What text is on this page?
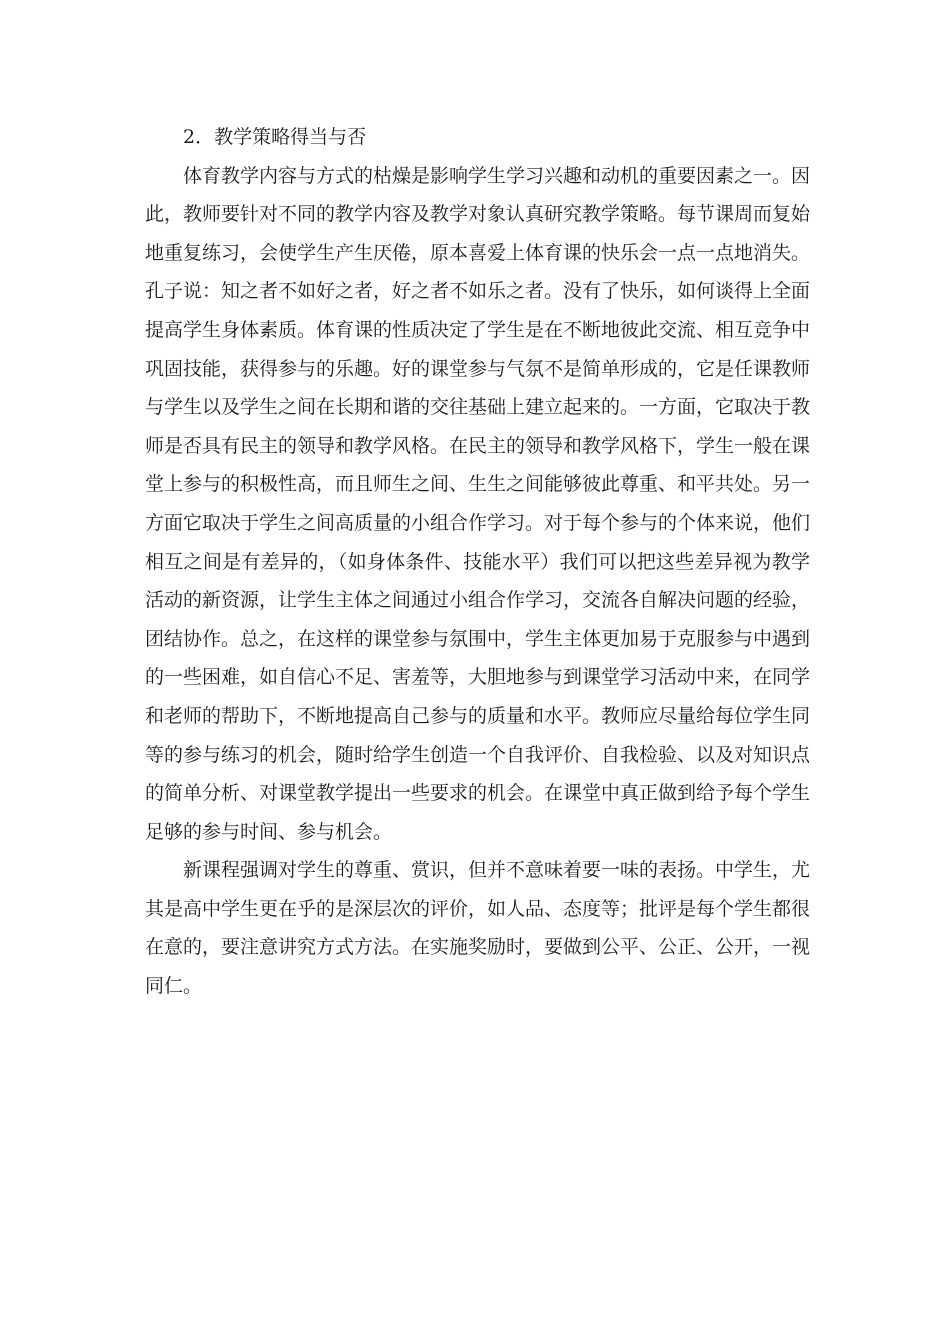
2．教学策略得当与否

体育教学内容与方式的枯燥是影响学生学习兴趣和动机的重要因素之一。因此，教师要针对不同的教学内容及教学对象认真研究教学策略。每节课周而复始地重复练习，会使学生产生厌倦，原本喜爱上体育课的快乐会一点一点地消失。孔子说：知之者不如好之者，好之者不如乐之者。没有了快乐，如何谈得上全面提高学生身体素质。体育课的性质决定了学生是在不断地彼此交流、相互竞争中巩固技能，获得参与的乐趣。好的课堂参与气氛不是简单形成的，它是任课教师与学生以及学生之间在长期和谐的交往基础上建立起来的。一方面，它取决于教师是否具有民主的领导和教学风格。在民主的领导和教学风格下，学生一般在课堂上参与的积极性高，而且师生之间、生生之间能够彼此尊重、和平共处。另一方面它取决于学生之间高质量的小组合作学习。对于每个参与的个体来说，他们相互之间是有差异的，（如身体条件、技能水平）我们可以把这些差异视为教学活动的新资源，让学生主体之间通过小组合作学习，交流各自解决问题的经验，团结协作。总之，在这样的课堂参与氛围中，学生主体更加易于克服参与中遇到的一些困难，如自信心不足、害羞等，大胆地参与到课堂学习活动中来，在同学和老师的帮助下，不断地提高自己参与的质量和水平。教师应尽量给每位学生同等的参与练习的机会，随时给学生创造一个自我评价、自我检验、以及对知识点的简单分析、对课堂教学提出一些要求的机会。在课堂中真正做到给予每个学生足够的参与时间、参与机会。

新课程强调对学生的尊重、赏识，但并不意味着要一味的表扬。中学生，尤其是高中学生更在乎的是深层次的评价，如人品、态度等；批评是每个学生都很在意的，要注意讲究方式方法。在实施奖励时，要做到公平、公正、公开，一视同仁。
